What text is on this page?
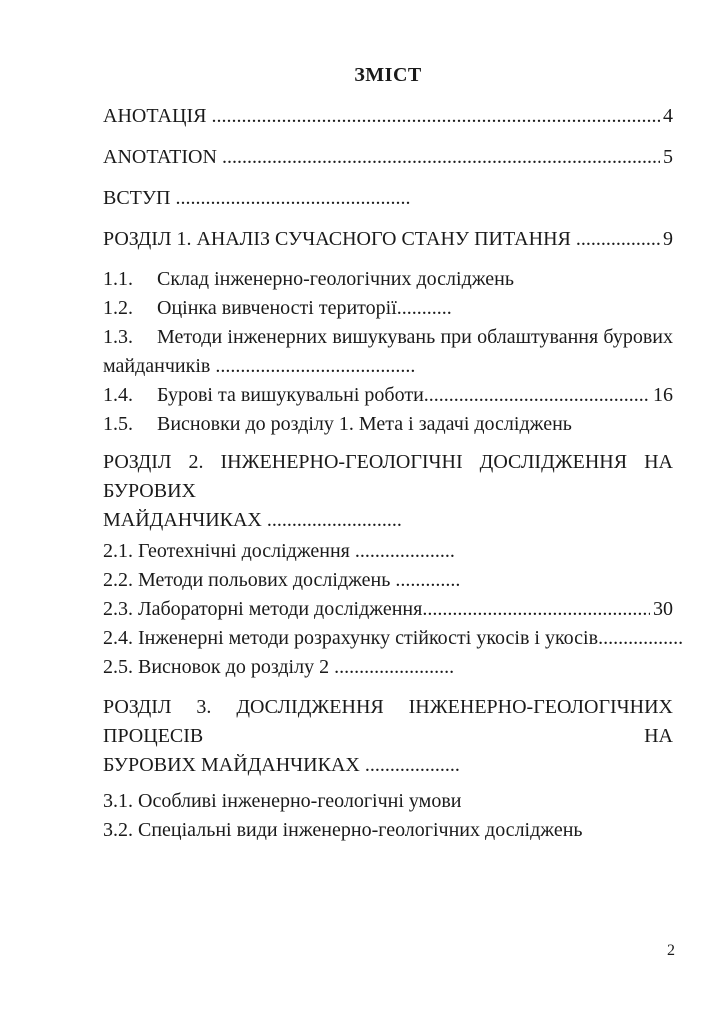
ЗМІСТ
АНОТАЦІЯ .....	4
ANOTATION .....	5
ВСТУП ...............................................
РОЗДІЛ 1. АНАЛІЗ СУЧАСНОГО СТАНУ ПИТАННЯ .....	9
1.1.	Склад інженерно-геологічних досліджень
1.2.	Оцінка вивченості території ...........
1.3.	Методи інженерних вишукувань при облаштування бурових
майданчиків ........................................
1.4.	Бурові та вишукувальні роботи .....	16
1.5.	Висновки до розділу 1. Мета і задачі досліджень
РОЗДІЛ 2. ІНЖЕНЕРНО-ГЕОЛОГІЧНІ ДОСЛІДЖЕННЯ НА БУРОВИХ
МАЙДАНЧИКАХ ...........................
2.1. Геотехнічні дослідження ....................
2.2. Методи польових досліджень .............
2.3. Лабораторні методи дослідження .....	30
2.4. Інженерні методи розрахунку стійкості укосів і укосів .................
2.5. Висновок до розділу 2 ........................
РОЗДІЛ 3. ДОСЛІДЖЕННЯ ІНЖЕНЕРНО-ГЕОЛОГІЧНИХ ПРОЦЕСІВ НА
БУРОВИХ МАЙДАНЧИКАХ ...................
3.1. Особливі інженерно-геологічні умови
3.2. Спеціальні види інженерно-геологічних досліджень
2
